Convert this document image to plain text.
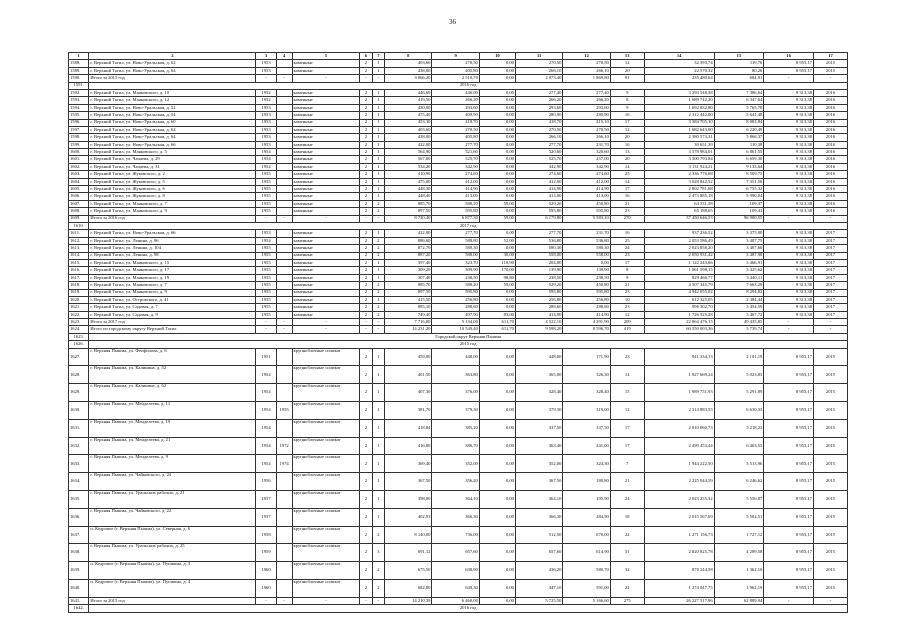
36
1	2	3	4	5	6	7	8	9	10	11	12	13	14	15	16	17
1588.	г. Верхний Тагил, ул. Ново-Уральская, д. 62	1953		каменные	2	1	403,60	270,50	0,00	270,50	270,50	12	32 393,74	119,76	8 955,17	2015
1589.	г. Верхний Тагил, ул. Ново-Уральская, д. 64	1953		каменные	2	1	438,00	405,80	0,00	266,10	266,10	20	22 570,32	80,26	8 955,17	2015
1590.	Итого за 2015 год	-	-	-	-	-	3 066,20	2 510,70	0,00	2 073,40	1 869,80	91	235 480,64	684,91	-	-
1591.	2016 год															
1592.	г. Верхний Тагил, ул. Маяковского, д. 10	1952		каменные	2	1	446,60	446,00	0,00	277,40	277,40	9	3 293 548,38	7 386,64	9 313,38	2016
1593.	г. Верхний Тагил, ул. Маяковского, д. 12	1952		каменные	2	1	419,50	266,20	0,00	266,20	266,20	8	1 689 742,20	6 347,64	9 313,38	2016
1594.	г. Верхний Тагил, ул. Ново-Уральская, д. 52	1953		каменные	2	1	430,00	293,60	0,00	293,60	293,60	9	1 692 832,80	5 765,78	9 313,38	2016
1595.	г. Верхний Тагил, ул. Ново-Уральская, д. 54	1953		каменные	2	1	475,40	409,90	0,00	280,90	280,90	16	2 312 442,00	5 641,48	9 313,38	2016
1596.	г. Верхний Тагил, ул. Ново-Уральская, д. 60	1953		каменные	2	1	453,30	418,70	0,00	418,70	215,10	17	3 384 705,10	8 083,84	9 313,38	2016
1597.	г. Верхний Тагил, ул. Ново-Уральская, д. 62	1953		каменные	2	1	403,60	270,50	0,00	270,50	270,50	12	1 682 643,00	6 220,49	9 313,38	2016
1598.	г. Верхний Тагил, ул. Ново-Уральская, д. 64	1953		каменные	2	1	438,00	405,80	0,00	266,10	266,10	20	2 380 573,31	5 866,37	9 313,38	2016
1599.	г. Верхний Тагил, ул. Ново-Уральская, д. 66	1953		каменные	2	1	422,00	277,70	0,00	277,70	231,70	16	30 651,39	110,38	9 313,38	2016
1600.	г. Верхний Тагил, ул. Маяковского, д. 5	1954		каменные	2	1	564,90	521,60	0,00	320,60	320,60	13	3 578 984,01	6 861,55	9 313,38	2016
1601.	г. Верхний Тагил, ул. Чапаева, д. 29	1954		каменные	2	1	567,00	525,70	0,00	525,70	257,00	20	3 500 793,84	6 659,30	9 313,38	2016
1602.	г. Верхний Тагил, ул. Чапаева, д. 31	1954		каменные	2	1	534,20	342,90	0,00	342,90	342,90	14	3 131 924,21	9 133,64	9 313,38	2016
1603.	г. Верхний Тагил, ул. Жуковского, д. 2	1955		каменные	2	1	410,90	274,60	0,00	274,60	274,60	25	2 336 776,68	8 509,75	9 313,38	2016
1604.	г. Верхний Тагил, ул. Жуковского, д. 5	1955		каменные	2	1	475,00	412,00	0,00	412,00	412,00	14	3 028 842,52	7 351,56	9 313,38	2016
1605.	г. Верхний Тагил, ул. Жуковского, д. 6	1955		каменные	2	1	448,30	414,90	0,00	414,90	414,90	17	2 802 781,68	6 755,32	9 313,38	2016
1606.	г. Верхний Тагил, ул. Жуковского, д. 8	1955		каменные	2	1	448,40	413,00	0,00	413,00	413,00	16	2 473 885,18	5 990,04	9 313,38	2016
1607.	г. Верхний Тагил, ул. Маяковского, д. 7	1955		каменные	2	2	885,70	588,20	59,00	529,20	450,80	21	64 331,58	109,37	9 313,38	2016
1608.	г. Верхний Тагил, ул. Маяковского, д. 9	1955		каменные	2	2	897,50	595,80	0,00	595,80	595,80	23	65 188,65	109,41	9 313,38	2016
1609.	Итого за 2016 год	-	-	-	-	-	8 720,40	6 877,30	59,00	6 179,80	5 583,10	270	37 450 646,53	96 900,55	-	-
1610.	2017 год															
1611.	г. Верхний Тагил, ул. Ново-Уральская, д. 66	1953		каменные	2	1	422,00	277,70	0,00	277,70	231,70	16	937 236,52	3 375,00	9 313,38	2017
1612.	г. Верхний Тагил, ул. Ленина, д. 96	1954		каменные	2	2	886,60	588,80	52,00	536,80	536,80	25	2 053 586,49	3 487,75	9 313,38	2017
1613.	г. Верхний Тагил, ул. Ленина, д. 104	1955		каменные	2	2	872,70	580,30	0,00	580,30	580,30	24	2 023 858,20	3 487,60	9 313,38	2017
1614.	г. Верхний Тагил, ул. Ленина, д. 98	1955		каменные	2	2	887,20	588,00	30,00	558,00	558,00	23	2 050 931,42	3 487,98	9 313,38	2017
1615.	г. Верхний Тагил, ул. Маяковского, д. 15	1955		каменные	2	1	397,40	323,70	118,90	204,80	0,00	17	1 122 243,66	3 466,91	9 313,38	2017
1616.	г. Верхний Тагил, ул. Маяковского, д. 17	1955		каменные	2	1	309,20	309,90	170,00	139,90	139,90	8	1 061 598,15	3 425,62	9 313,38	2017
1617.	г. Верхний Тагил, ул. Маяковского, д. 19	1955		каменные	2	1	307,40	238,50	98,80	238,50	238,50	9	829 466,77	3 440,11	9 313,38	2017
1618.	г. Верхний Тагил, ул. Маяковского, д. 7	1955		каменные	2	2	885,70	588,20	59,00	529,20	450,80	21	4 507 345,79	7 663,29	9 313,38	2017
1619.	г. Верхний Тагил, ул. Маяковского, д. 9	1955		каменные	2	2	897,50	595,80	0,00	595,80	595,80	23	4 942 055,02	8 294,82	9 313,38	2017
1620.	г. Верхний Тагил, ул. Островского, д. 41	1955		каменные	2	1	415,50	256,80	0,00	256,80	256,80	10	612 325,05	2 384,44	9 313,38	2017
1621.	г. Верхний Тагил, ул. Садовая, д. 7	1955		каменные	2	2	885,10	288,60	0,00	288,60	288,60	23	996 302,70	3 454,59	9 313,38	2017
1622.	г. Верхний Тагил, ул. Садовая, д. 9	1955		каменные	2	2	749,40	497,90	83,00	414,90	414,90	12	1 726 525,28	3 467,72	9 313,38	2017
1623.	Итого за 2017 год	-	-	-	-	-	7 716,00	5 134,00	611,70	4 522,10	4 291,90	209	22 864 476,15	49 435,85	-	-
1624.	Итого по городскому округу Верхний Тагил	-	-	-	-	-	14 231,20	10 549,40	611,70	9 598,20	8 596,70	419	60 550 003,36	5 739,74	-	-
1625.	Городской округ Верхняя Пышма															
1626.	2015 год															
1627.	г. Верхняя Пышма, ул. Феофилова, д. 6	1951		крупноблочные силикат	2	1	459,00	448,00	0,00	448,00	171,90	23	941 334,13	2 101,19	8 955,17	2015
1628.	г. Верхняя Пышма, ул. Калинина, д. 52	1954		крупноблочные силикат	2	1	401,50	363,80	0,00	365,00	326,30	14	1 827 669,24	5 023,83	8 955,17	2015
1629.	г. Верхняя Пышма, ул. Калинина, д. 62	1954		крупноблочные силикат	2	1	407,30	376,00	0,00	328,40	328,40	15	1 989 751,93	5 291,89	8 955,17	2015
1630.	г. Верхняя Пышма, ул. Менделеева, д. 11	1954	1955	крупноблочные силикат	2	1	381,70	379,30	0,00	379,30	319,00	12	2 514 883,55	6 630,33	8 955,17	2015
1631.	г. Верхняя Пышма, ул. Менделеева, д. 19	1954		крупноблочные силикат	2	1	418,84	385,20	0,00	337,50	337,50	17	2 010 060,73	5 218,23	8 955,17	2015
1632.	г. Верхняя Пышма, ул. Менделеева, д. 21	1954	1972	крупноблочные силикат	2	1	416,00	386,70	0,00	363,40	241,00	17	2 499 453,44	6 463,55	8 955,17	2015
1633.	г. Верхняя Пышма, ул. Менделеева, д. 9	1954	1974	крупноблочные силикат	2	1	369,40	352,00	0,00	352,00	324,30	7	1 944 222,50	5 513,96	8 955,17	2015
1634.	г. Верхняя Пышма, ул. Чайковского, д. 24	1956		крупноблочные силикат	2	1	367,50	356,20	0,00	367,50	180,80	21	2 225 044,59	6 246,62	8 955,17	2015
1635.	г. Верхняя Пышма, ул. Уральских рабочих, д. 21	1957		крупноблочные силикат	2	1	398,00	364,10	0,00	364,10	195,90	24	2 023 255,32	5 556,87	8 955,17	2015
1636.	г. Верхняя Пышма, ул. Чайковского, д. 22	1957		крупноблочные силикат	2	1	402,93	366,30	0,00	366,30	284,90	18	2 015 567,69	5 502,51	8 955,17	2015
1637.	п. Кедровое (г. Верхняя Пышма), ул. Северная, д. 6	1958		крупноблочные силикат	2	2	8 140,00	736,00	0,00	512,50	670,00	22	1 271 156,73	1 727,12	8 955,17	2015
1638.	г. Верхняя Пышма, ул. Уральских рабочих, д. 25	1959		крупноблочные силикат	2	3	691,12	657,60	0,00	657,60	614,90	31	2 820 825,78	4 289,58	8 955,17	2015
1639.	п. Кедровое (г. Верхняя Пышма), ул. Пушкина, д. 3	1960		крупноблочные силикат	2	2	675,50	638,90	0,00	436,20	580,70	32	870 244,58	1 362,10	8 955,17	2015
1640.	п. Кедровое (г. Верхняя Пышма), ул. Пушкина, д. 4	1960		крупноблочные силикат	2	2	682,00	649,30	0,00	447,10	591,00	22	1 274 047,75	1 962,19	8 955,17	2015
1641.	Итого за 2015 год	-	-	-	-	-	14 210,39	6 460,00	0,00	5 725,50	5 166,60	275	26 227 517,96	62 889,94	-	-
1642.	2016 год															
